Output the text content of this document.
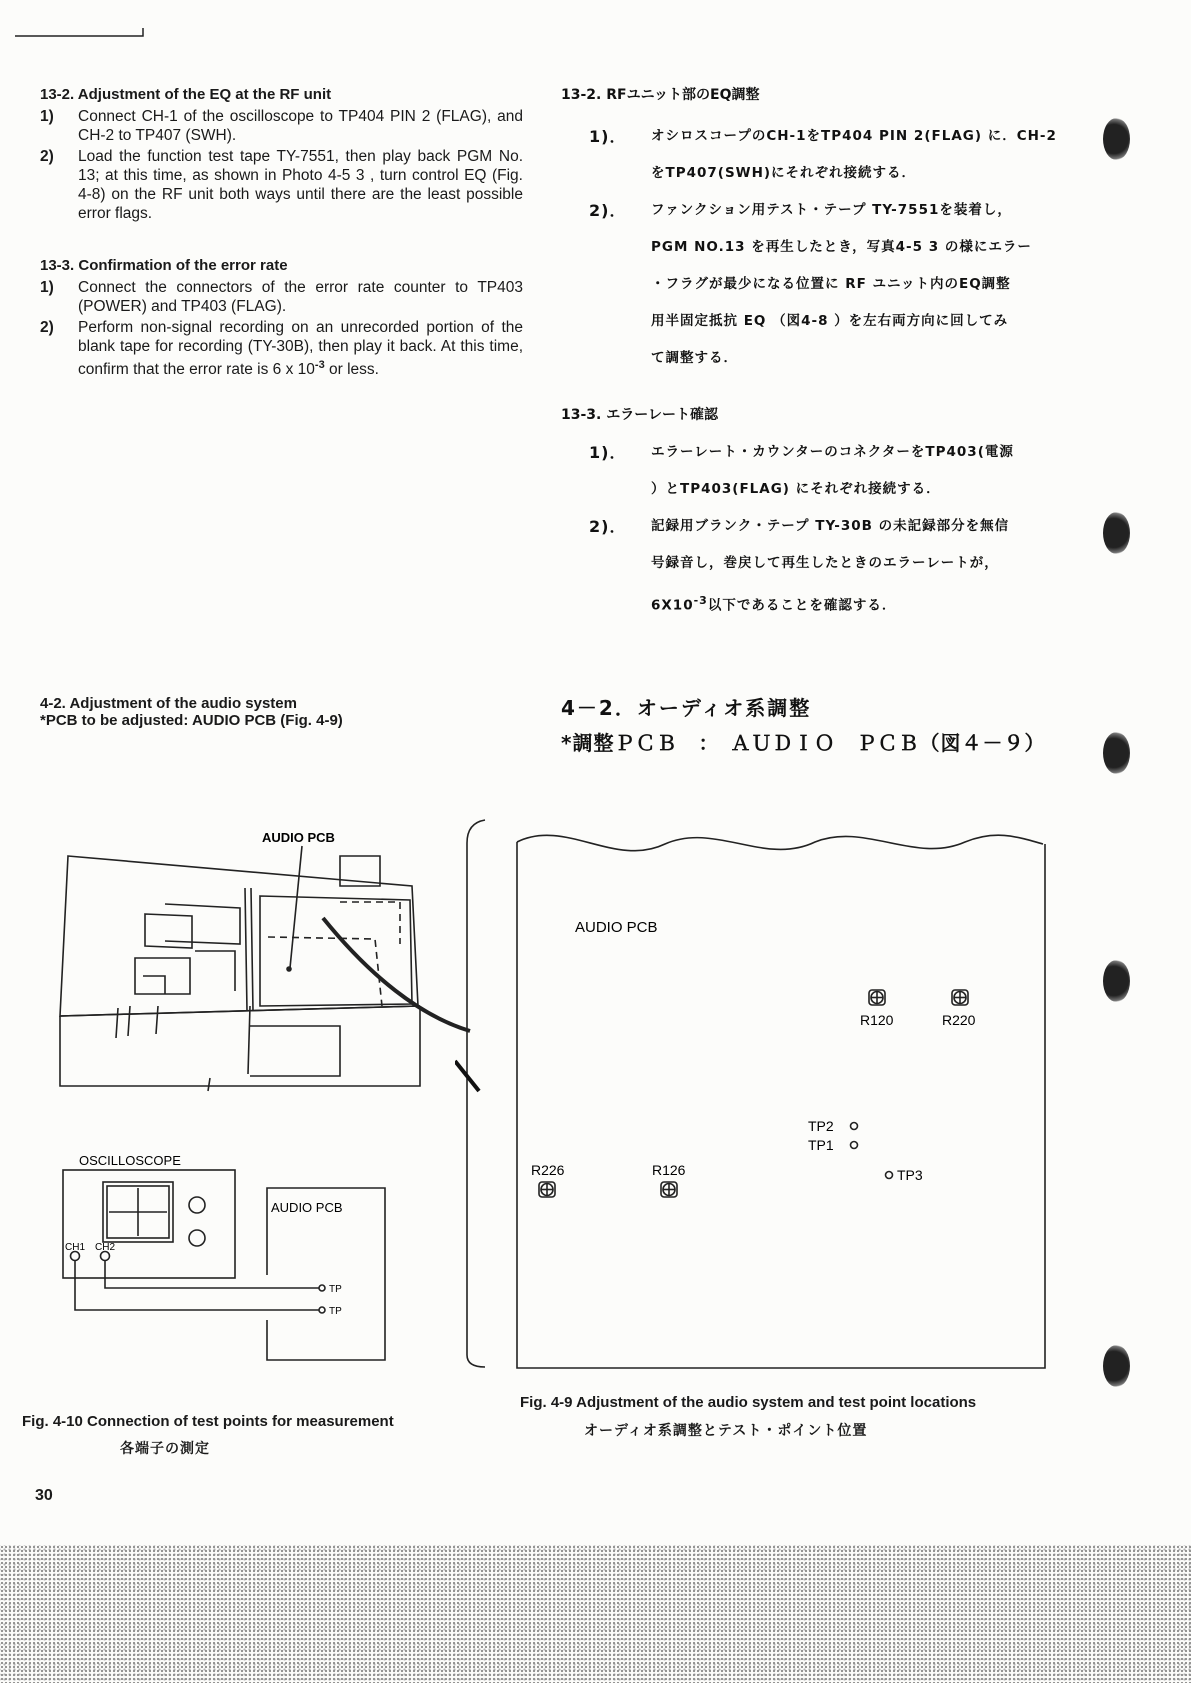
13-2. Adjustment of the EQ at the RF unit
1) Connect CH-1 of the oscilloscope to TP404 PIN 2 (FLAG), and CH-2 to TP407 (SWH).
2) Load the function test tape TY-7551, then play back PGM No. 13; at this time, as shown in Photo 4-5 3 , turn control EQ (Fig. 4-8) on the RF unit both ways until there are the least possible error flags.
13-3. Confirmation of the error rate
1) Connect the connectors of the error rate counter to TP403 (POWER) and TP403 (FLAG).
2) Perform non-signal recording on an unrecorded portion of the blank tape for recording (TY-30B), then play it back. At this time, confirm that the error rate is 6 x $10^{-3}$ or less.
4-2. Adjustment of the audio system
*PCB to be adjusted: AUDIO PCB (Fig. 4-9)
13-2. RFユニット部のEQ調整
1)． オシロスコープのCH-1をTP404 PIN 2(FLAG) に．CH-2
をTP407(SWH)にそれぞれ接続する．
2)． ファンクション用テスト・テープ TY-7551を装着し，
PGM NO.13 を再生したとき，写真4-5 3 の様にエラー
・フラグが最少になる位置に RF ユニット内のEQ調整
用半固定抵抗 EQ （図4-8 ）を左右両方向に回してみ
て調整する．
13-3. エラーレート確認
1)． エラーレート・カウンターのコネクターをTP403(電源
）とTP403(FLAG) にそれぞれ接続する．
2)． 記録用ブランク・テープ TY-30B の未記録部分を無信
号録音し，巻戻して再生したときのエラーレートが，
$6X10^{-3}$以下であることを確認する．
4－2．オーディオ系調整
*調整ＰＣＢ　：　ＡＵＤＩＯ　ＰＣＢ（図４－９）
AUDIO PCB
OSCILLOSCOPE
CH1 CH2
AUDIO PCB
TP
TP
Fig. 4-10 Connection of test points for measurement
各端子の測定
AUDIO PCB
R120	R220
TP2
TP1
TP3
R226	R126
Fig. 4-9 Adjustment of the audio system and test point locations
オーディオ系調整とテスト・ポイント位置
30
